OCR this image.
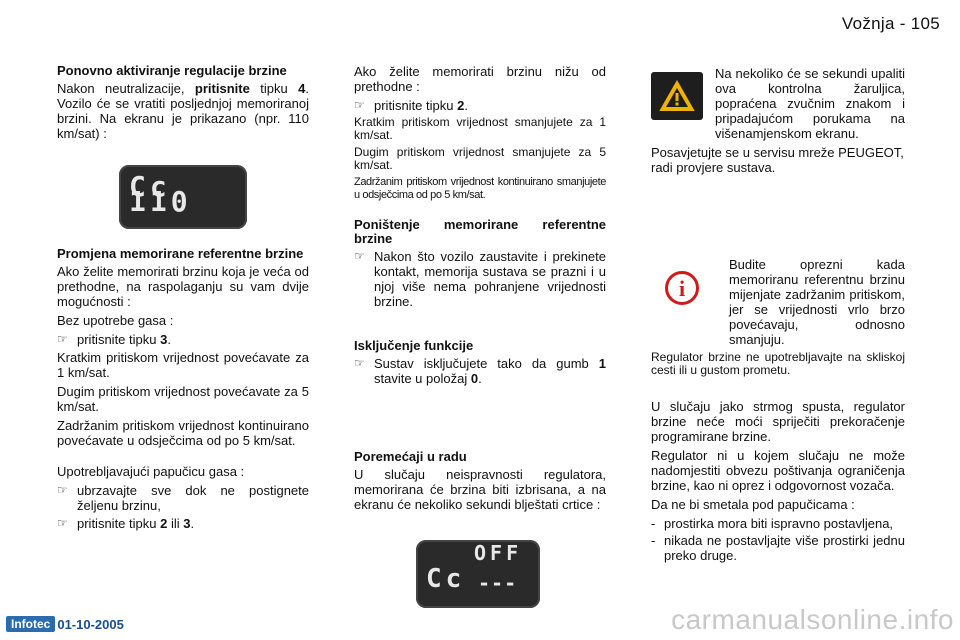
Vožnja - 105
Ponovno aktiviranje regulacije brzine

Nakon neutralizacije, pritisnite tipku 4. Vozilo će se vratiti posljednjoj memoriranoj brzini. Na ekranu je prikazano (npr. 110 km/sat) :

Cc 110
Promjena memorirane referentne brzine

Ako želite memorirati brzinu koja je veća od prethodne, na raspolaganju su vam dvije mogućnosti :

Bez upotrebe gasa :

☞ pritisnite tipku 3.

Kratkim pritiskom vrijednost povećavate za 1 km/sat.

Dugim pritiskom vrijednost povećavate za 5 km/sat.

Zadržanim pritiskom vrijednost kontinuirano povećavate u odsječcima od po 5 km/sat.

Upotrebljavajući papučicu gasa :

☞ ubrzavajte sve dok ne postignete željenu brzinu,
☞ pritisnite tipku 2 ili 3.

Ako želite memorirati brzinu nižu od prethodne :

☞ pritisnite tipku 2.

Kratkim pritiskom vrijednost smanjujete za 1 km/sat.

Dugim pritiskom vrijednost smanjujete za 5 km/sat.

Zadržanim pritiskom vrijednost kontinuirano smanjujete u odsječcima od po 5 km/sat.

Poništenje memorirane referentne brzine
☞ Nakon što vozilo zaustavite i prekinete kontakt, memorija sustava se prazni i u njoj više nema pohranjene vrijednosti brzine.
Isključenje funkcije
☞ Sustav isključujete tako da gumb 1 stavite u položaj 0.
Poremećaji u radu

U slučaju neispravnosti regulatora, memorirana će brzina biti izbrisana, a na ekranu će nekoliko sekundi blještati crtice :

OFF
Cc ---

Na nekoliko će se sekundi upaliti ova kontrolna žaruljica, popraćena zvučnim znakom i pripadajućom porukama na višenamjenskom ekranu.

Posavjetujte se u servisu mreže PEUGEOT, radi provjere sustava.

i

Budite oprezni kada memoriranu referentnu brzinu mijenjate zadržanim pritiskom, jer se vrijednosti vrlo brzo povećavaju, odnosno smanjuju.

Regulator brzine ne upotrebljavajte na skliskoj cesti ili u gustom prometu.

U slučaju jako strmog spusta, regulator brzine neće moći spriječiti prekoračenje programirane brzine.

Regulator ni u kojem slučaju ne može nadomjestiti obvezu poštivanja ograničenja brzine, kao ni oprez i odgovornost vozača.

Da ne bi smetala pod papučicama :

- prostirka mora biti ispravno postavljena,
- nikada ne postavljajte više prostirki jednu preko druge.
Infotec 01-10-2005	carmanualsonline.info
